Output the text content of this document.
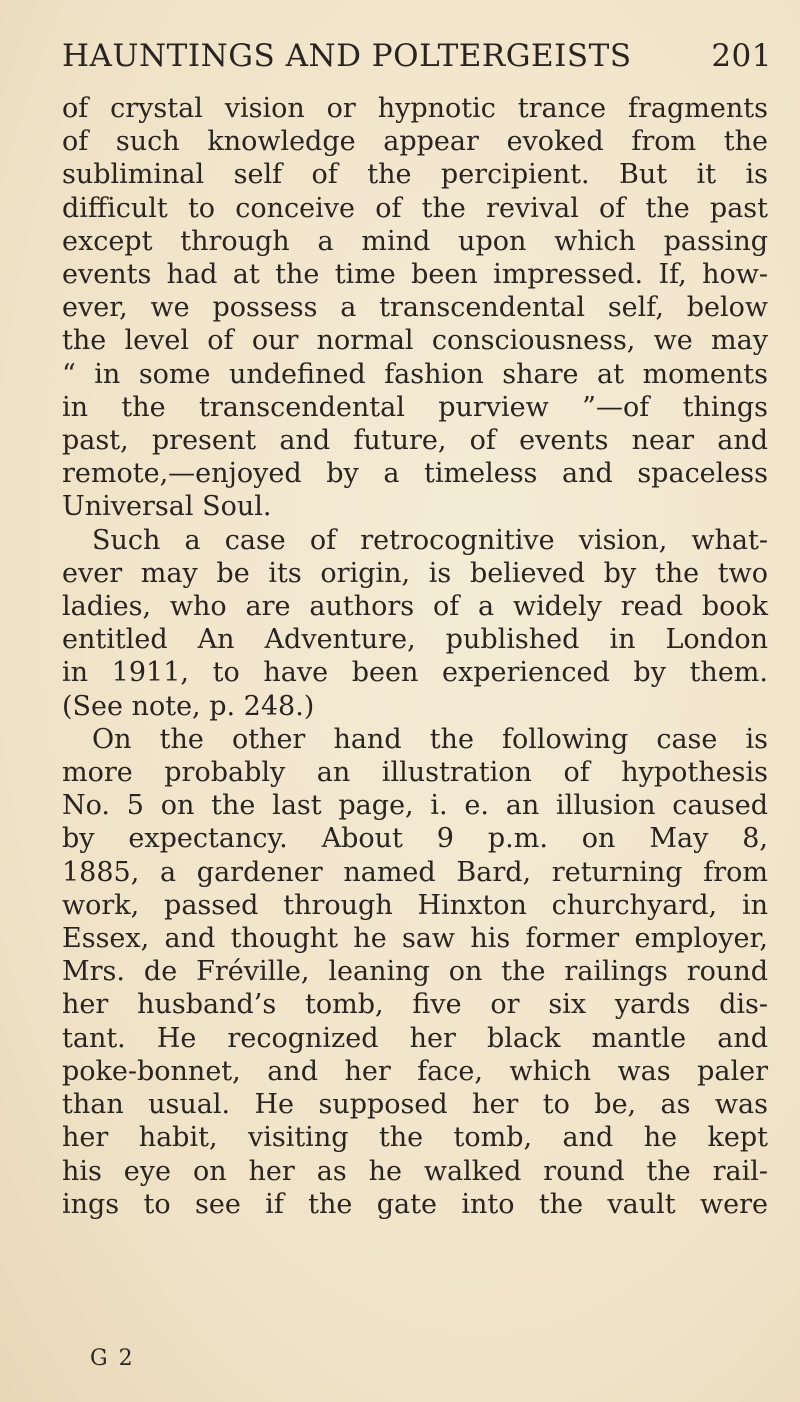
HAUNTINGS AND POLTERGEISTS	201
of crystal vision or hypnotic trance fragments
of such knowledge appear evoked from the
subliminal self of the percipient. But it is
difficult to conceive of the revival of the past
except through a mind upon which passing
events had at the time been impressed. If, how-
ever, we possess a transcendental self, below
the level of our normal consciousness, we may
“ in some undefined fashion share at moments
in the transcendental purview ”—of things
past, present and future, of events near and
remote,—enjoyed by a timeless and spaceless
Universal Soul.
Such a case of retrocognitive vision, what-
ever may be its origin, is believed by the two
ladies, who are authors of a widely read book
entitled An Adventure, published in London
in 1911, to have been experienced by them.
(See note, p. 248.)
On the other hand the following case is
more probably an illustration of hypothesis
No. 5 on the last page, i. e. an illusion caused
by expectancy. About 9 p.m. on May 8,
1885, a gardener named Bard, returning from
work, passed through Hinxton churchyard, in
Essex, and thought he saw his former employer,
Mrs. de Fréville, leaning on the railings round
her husband’s tomb, five or six yards dis-
tant. He recognized her black mantle and
poke-bonnet, and her face, which was paler
than usual. He supposed her to be, as was
her habit, visiting the tomb, and he kept
his eye on her as he walked round the rail-
ings to see if the gate into the vault were
G 2
